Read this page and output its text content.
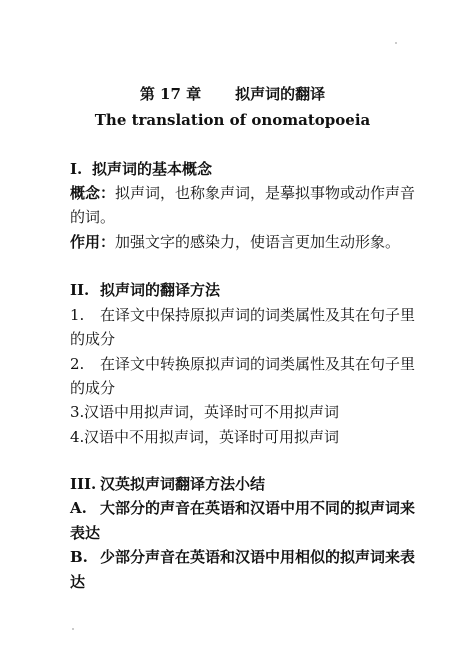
第 17 章 拟声词的翻译
The translation of onomatopoeia
I. 拟声词的基本概念
概念：拟声词，也称象声词，是摹拟事物或动作声音
的词。
作用：加强文字的感染力，使语言更加生动形象。
II. 拟声词的翻译方法
1. 在译文中保持原拟声词的词类属性及其在句子里
的成分
2. 在译文中转换原拟声词的词类属性及其在句子里
的成分
3.汉语中用拟声词，英译时可不用拟声词
4.汉语中不用拟声词，英译时可用拟声词
III. 汉英拟声词翻译方法小结
A. 大部分的声音在英语和汉语中用不同的拟声词来
表达
B. 少部分声音在英语和汉语中用相似的拟声词来表
达
